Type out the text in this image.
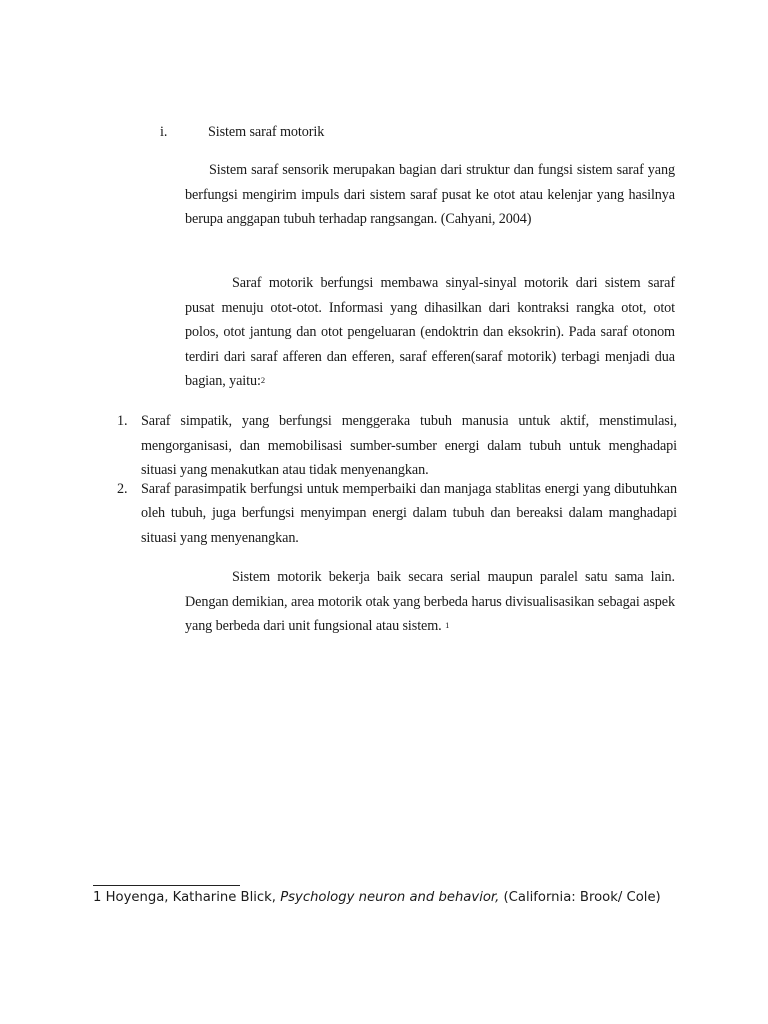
i.	Sistem saraf motorik

Sistem saraf sensorik merupakan bagian dari struktur dan fungsi sistem saraf yang berfungsi mengirim impuls dari sistem saraf pusat ke otot atau kelenjar yang hasilnya berupa anggapan tubuh terhadap rangsangan. (Cahyani, 2004)

Saraf motorik berfungsi membawa sinyal-sinyal motorik dari sistem saraf pusat menuju otot-otot. Informasi yang dihasilkan dari kontraksi rangka otot, otot polos, otot jantung dan otot pengeluaran (endoktrin dan eksokrin). Pada saraf otonom terdiri dari saraf afferen dan efferen, saraf efferen(saraf motorik) terbagi menjadi dua bagian, yaitu:$^2$

1. Saraf simpatik, yang berfungsi menggeraka tubuh manusia untuk aktif, menstimulasi, mengorganisasi, dan memobilisasi sumber-sumber energi dalam tubuh untuk menghadapi situasi yang menakutkan atau tidak menyenangkan.
2. Saraf parasimpatik berfungsi untuk memperbaiki dan manjaga stablitas energi yang dibutuhkan oleh tubuh, juga berfungsi menyimpan energi dalam tubuh dan bereaksi dalam manghadapi situasi yang menyenangkan.

Sistem motorik bekerja baik secara serial maupun paralel satu sama lain. Dengan demikian, area motorik otak yang berbeda harus divisualisasikan sebagai aspek yang berbeda dari unit fungsional atau sistem. $^1$

1 Hoyenga, Katharine Blick, Psychology neuron and behavior, (California: Brook/ Cole)
